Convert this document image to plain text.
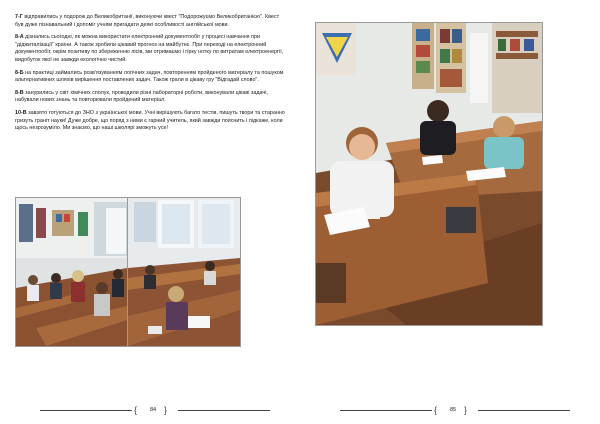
7-Г відправились у подорож до Великобританії, виконуючи квест "Подорожуємо Великобританією". Квест був дуже пізнавальний і допоміг учням пригадати деякі особливості англійської мови.

8-А дізнались сьогодні, як можна використати електронний документообіг у процесі навчання при "діджиталізації" країни. А також зробили цікавий прогноз на майбутнє. При переході на електронний документообіг, окрім позитиву по збереженню лісів, ми отримаємо і гірку нотку по витратам електроенергії, видобуток якої не завжди екологічно чистий.

8-Б на практиці займались розв'язуванням логічних задач, повторенням пройденого матеріалу та пошуком альтернативних шляхів вирішення поставлених задач. Також грали в цікаву гру "Відгадай слово".

8-В занурились у світ хімічних сполук, проводили різні лабораторні роботи, виконували цікаві задачі, набували нових знань та повторювали пройдений матеріал.

10-В завзято готуються до ЗНО з української мови. Учні вирішують багато тестів, пишуть твори та старанно гризуть граніт науки! Дуже добре, що поряд з ними є гарний учитель, який завжди пояснить і підкаже, коли щось незрозуміло. Ми знаємо, що наші школярі зможуть усе!

{	84 }	{	85 }
